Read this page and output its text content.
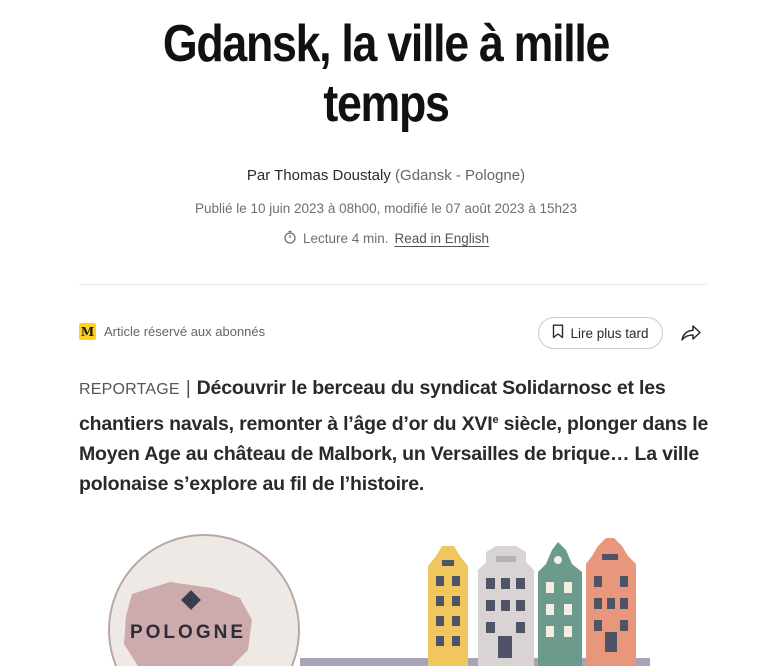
Gdansk, la ville à mille temps
Par Thomas Doustaly (Gdansk - Pologne)
Publié le 10 juin 2023 à 08h00, modifié le 07 août 2023 à 15h23
Lecture 4 min. Read in English
M Article réservé aux abonnés	Lire plus tard

REPORTAGE | Découvrir le berceau du syndicat Solidarnosc et les chantiers navals, remonter à l’âge d’or du XVIe siècle, plonger dans le Moyen Age au château de Malbork, un Versailles de brique… La ville polonaise s’explore au fil de l’histoire.

POLOGNE
